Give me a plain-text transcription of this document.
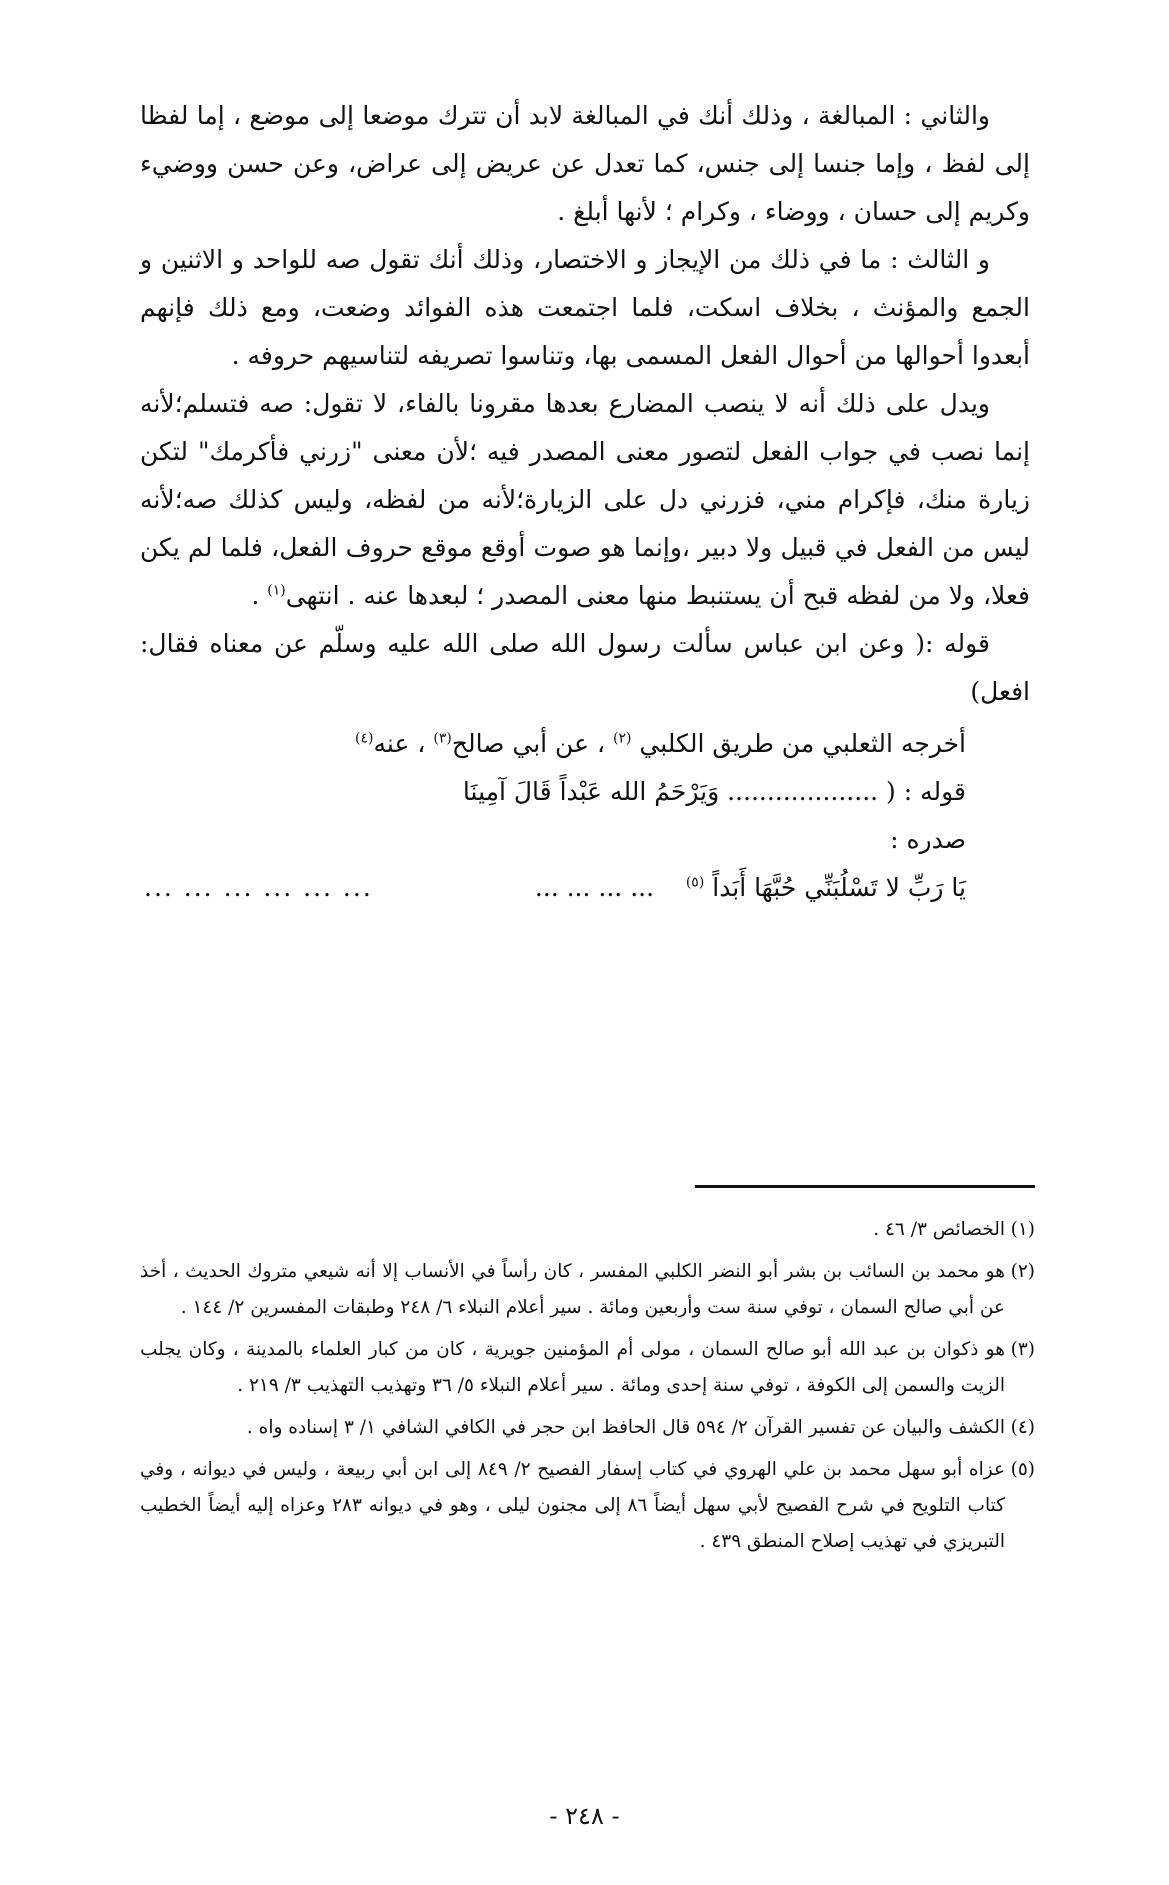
والثاني : المبالغة ، وذلك أنك في المبالغة لابد أن تترك موضعا إلى موضع ، إما لفظا إلى لفظ ، وإما جنسا إلى جنس، كما تعدل عن عريض إلى عراض، وعن حسن ووضيء وكريم إلى حسان ، ووضاء ، وكرام ؛ لأنها أبلغ .

و الثالث : ما في ذلك من الإيجاز و الاختصار، وذلك أنك تقول صه للواحد و الاثنين و الجمع والمؤنث ، بخلاف اسكت، فلما اجتمعت هذه الفوائد وضعت، ومع ذلك فإنهم أبعدوا أحوالها من أحوال الفعل المسمى بها، وتناسوا تصريفه لتناسيهم حروفه .

ويدل على ذلك أنه لا ينصب المضارع بعدها مقرونا بالفاء، لا تقول: صه فتسلم؛لأنه إنما نصب في جواب الفعل لتصور معنى المصدر فيه ؛لأن معنى "زرني فأكرمك" لتكن زيارة منك، فإكرام مني، فزرني دل على الزيارة؛لأنه من لفظه، وليس كذلك صه؛لأنه ليس من الفعل في قبيل ولا دبير ،وإنما هو صوت أوقع موقع حروف الفعل، فلما لم يكن فعلا، ولا من لفظه قبح أن يستنبط منها معنى المصدر ؛ لبعدها عنه . انتهى$^{(١)}$ .

قوله :( وعن ابن عباس سألت رسول الله صلى الله عليه وسلّم عن معناه فقال: افعل)

أخرجه الثعلبي من طريق الكلبي $^{(٢)}$ ، عن أبي صالح$^{(٣)}$ ، عنه$^{(٤)}$

قوله : ( ................... وَيَرْحَمُ الله عَبْداً قَالَ آمِينَا

صدره :

يَا رَبِّ لا تَسْلُبَنِّي حُبَّهَا أَبَداً $^{(٥)}$    ... ... ... ...
... ... ... ... ... ...

(١)الخصائص ٣/ ٤٦ .

(٢)هو محمد بن السائب بن بشر أبو النضر الكلبي المفسر ، كان رأساً في الأنساب إلا أنه شيعي متروك الحديث ، أخذ عن أبي صالح السمان ، توفي سنة ست وأربعين ومائة . سير أعلام النبلاء ٦/ ٢٤٨ وطبقات المفسرين ٢/ ١٤٤ .

(٣)هو ذكوان بن عبد الله أبو صالح السمان ، مولى أم المؤمنين جويرية ، كان من كبار العلماء بالمدينة ، وكان يجلب الزيت والسمن إلى الكوفة ، توفي سنة إحدى ومائة . سير أعلام النبلاء ٥/ ٣٦ وتهذيب التهذيب ٣/ ٢١٩ .

(٤)الكشف والبيان عن تفسير القرآن ٢/ ٥٩٤ قال الحافظ ابن حجر في الكافي الشافي ١/ ٣ إسناده واه .

(٥)عزاه أبو سهل محمد بن علي الهروي في كتاب إسفار الفصيح ٢/ ٨٤٩ إلى ابن أبي ربيعة ، وليس في ديوانه ، وفي كتاب التلويح في شرح الفصيح لأبي سهل أيضاً ٨٦ إلى مجنون ليلى ، وهو في ديوانه ٢٨٣ وعزاه إليه أيضاً الخطيب التبريزي في تهذيب إصلاح المنطق ٤٣٩ .

- ٢٤٨ -
